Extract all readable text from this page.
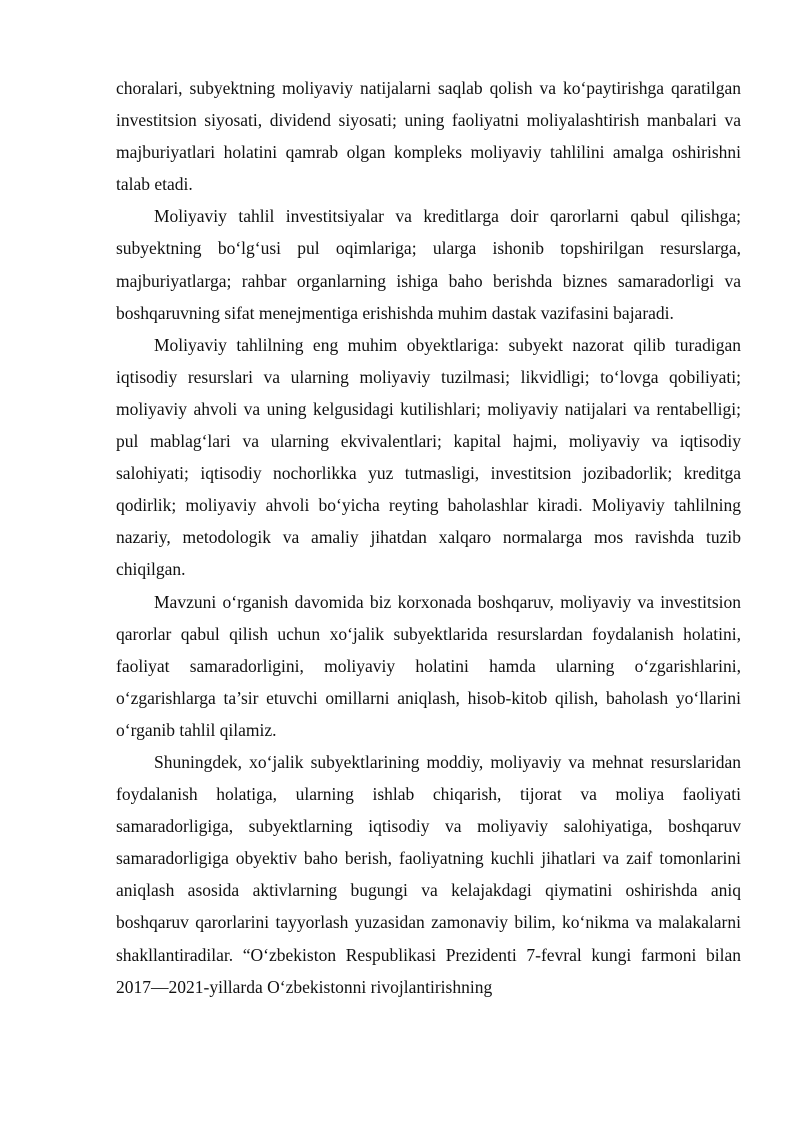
choralari, subyektning moliyaviy natijalarni saqlab qolish va ko‘paytirishga qaratilgan investitsion siyosati, dividend siyosati; uning faoliyatni moliyalashtirish manbalari va majburiyatlari holatini qamrab olgan kompleks moliyaviy tahlilini amalga oshirishni talab etadi.

Moliyaviy tahlil investitsiyalar va kreditlarga doir qarorlarni qabul qilishga; subyektning bo‘lg‘usi pul oqimlariga; ularga ishonib topshirilgan resurslarga, majburiyatlarga; rahbar organlarning ishiga baho berishda biznes samaradorligi va boshqaruvning sifat menejmentiga erishishda muhim dastak vazifasini bajaradi.

Moliyaviy tahlilning eng muhim obyektlariga: subyekt nazorat qilib turadigan iqtisodiy resurslari va ularning moliyaviy tuzilmasi; likvidligi; to‘lovga qobiliyati; moliyaviy ahvoli va uning kelgusidagi kutilishlari; moliyaviy natijalari va rentabelligi; pul mablag‘lari va ularning ekvivalentlari; kapital hajmi, moliyaviy va iqtisodiy salohiyati; iqtisodiy nochorlikka yuz tutmasligi, investitsion jozibadorlik; kreditga qodirlik; moliyaviy ahvoli bo‘yicha reyting baholashlar kiradi. Moliyaviy tahlilning nazariy, metodologik va amaliy jihatdan xalqaro normalarga mos ravishda tuzib chiqilgan.

Mavzuni o‘rganish davomida biz korxonada boshqaruv, moliyaviy va investitsion qarorlar qabul qilish uchun xo‘jalik subyektlarida resurslardan foydalanish holatini, faoliyat samaradorligini, moliyaviy holatini hamda ularning o‘zgarishlarini, o‘zgarishlarga ta’sir etuvchi omillarni aniqlash, hisob-kitob qilish, baholash yo‘llarini o‘rganib tahlil qilamiz.

Shuningdek, xo‘jalik subyektlarining moddiy, moliyaviy va mehnat resurslaridan foydalanish holatiga, ularning ishlab chiqarish, tijorat va moliya faoliyati samaradorligiga, subyektlarning iqtisodiy va moliyaviy salohiyatiga, boshqaruv samaradorligiga obyektiv baho berish, faoliyatning kuchli jihatlari va zaif tomonlarini aniqlash asosida aktivlarning bugungi va kelajakdagi qiymatini oshirishda aniq boshqaruv qarorlarini tayyorlash yuzasidan zamonaviy bilim, ko‘nikma va malakalarni shakllantiradilar. “O‘zbekiston Respublikasi Prezidenti 7-fevral kungi farmoni bilan 2017—2021-yillarda O‘zbekistonni rivojlantirishning
